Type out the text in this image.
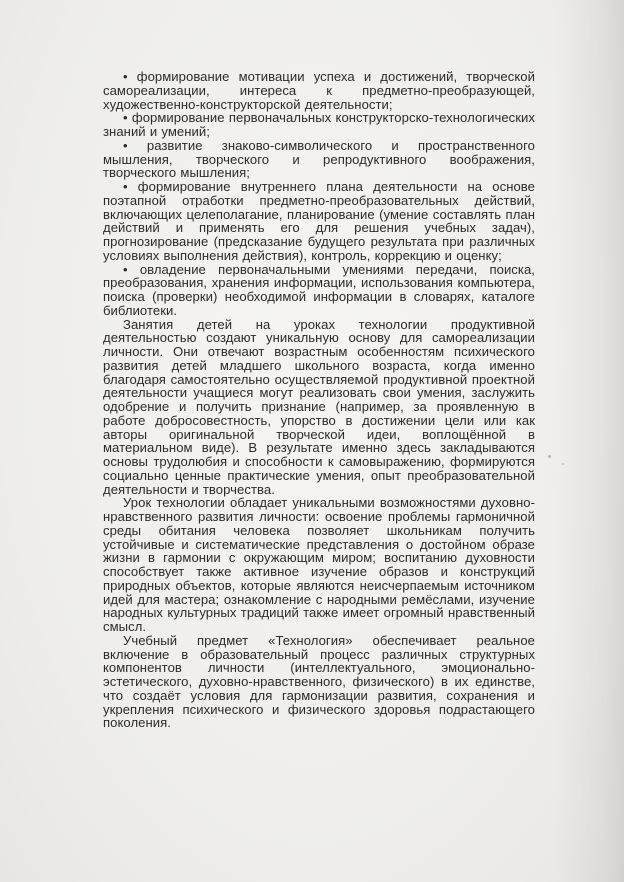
• формирование мотивации успеха и достижений, творческой самореализации, интереса к предметно-преобразующей, художественно-конструкторской деятельности;

• формирование первоначальных конструкторско-технологических знаний и умений;

• развитие знаково-символического и пространственного мышления, творческого и репродуктивного воображения, творческого мышления;

• формирование внутреннего плана деятельности на основе поэтапной отработки предметно-преобразовательных действий, включающих целеполагание, планирование (умение составлять план действий и применять его для решения учебных задач), прогнозирование (предсказание будущего результата при различных условиях выполнения действия), контроль, коррекцию и оценку;

• овладение первоначальными умениями передачи, поиска, преобразования, хранения информации, использования компьютера, поиска (проверки) необходимой информации в словарях, каталоге библиотеки.

Занятия детей на уроках технологии продуктивной деятельностью создают уникальную основу для самореализации личности. Они отвечают возрастным особенностям психического развития детей младшего школьного возраста, когда именно благодаря самостоятельно осуществляемой продуктивной проектной деятельности учащиеся могут реализовать свои умения, заслужить одобрение и получить признание (например, за проявленную в работе добросовестность, упорство в достижении цели или как авторы оригинальной творческой идеи, воплощённой в материальном виде). В результате именно здесь закладываются основы трудолюбия и способности к самовыражению, формируются социально ценные практические умения, опыт преобразовательной деятельности и творчества.

Урок технологии обладает уникальными возможностями духовно-нравственного развития личности: освоение проблемы гармоничной среды обитания человека позволяет школьникам получить устойчивые и систематические представления о достойном образе жизни в гармонии с окружающим миром; воспитанию духовности способствует также активное изучение образов и конструкций природных объектов, которые являются неисчерпаемым источником идей для мастера; ознакомление с народными ремёслами, изучение народных культурных традиций также имеет огромный нравственный смысл.

Учебный предмет «Технология» обеспечивает реальное включение в образовательный процесс различных структурных компонентов личности (интеллектуального, эмоционально-эстетического, духовно-нравственного, физического) в их единстве, что создаёт условия для гармонизации развития, сохранения и укрепления психического и физического здоровья подрастающего поколения.
